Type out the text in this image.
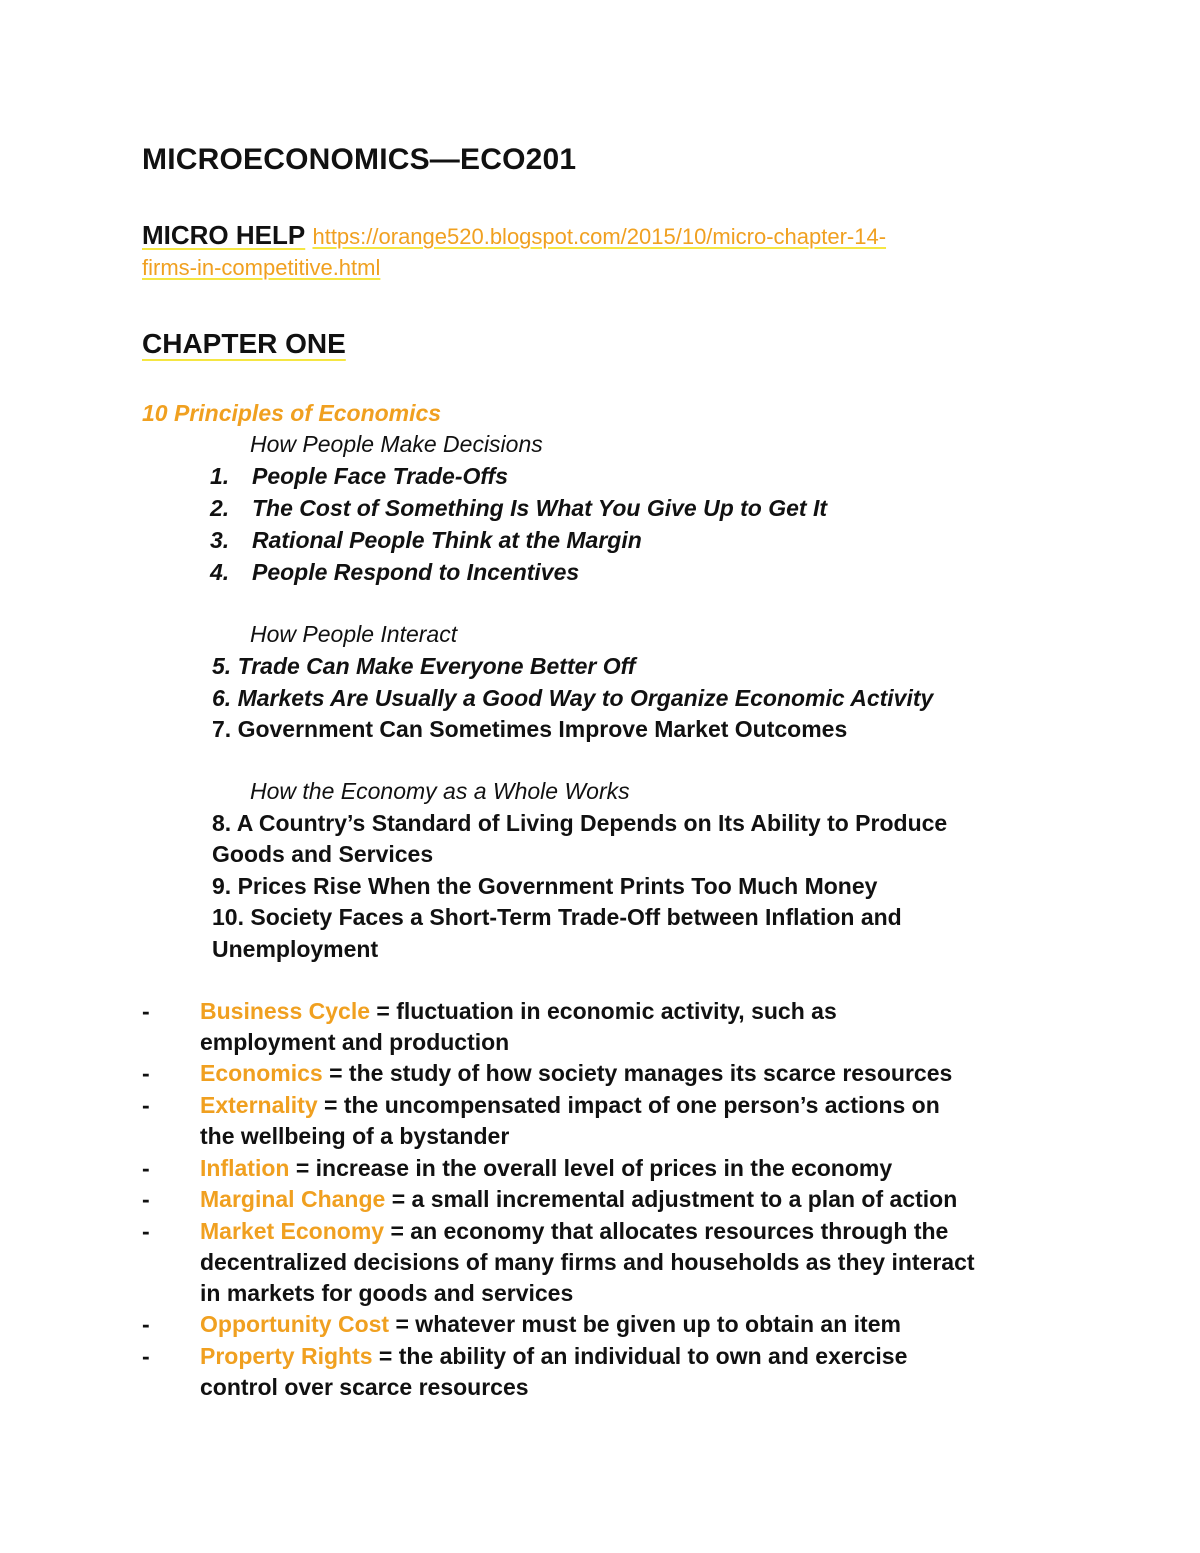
MICROECONOMICS—ECO201
MICRO HELP https://orange520.blogspot.com/2015/10/micro-chapter-14-
firms-in-competitive.html
CHAPTER ONE
10 Principles of Economics
How People Make Decisions
1. People Face Trade-Offs
2. The Cost of Something Is What You Give Up to Get It
3. Rational People Think at the Margin
4. People Respond to Incentives
How People Interact
5. Trade Can Make Everyone Better Off
6. Markets Are Usually a Good Way to Organize Economic Activity
7. Government Can Sometimes Improve Market Outcomes
How the Economy as a Whole Works
8. A Country’s Standard of Living Depends on Its Ability to Produce
Goods and Services
9. Prices Rise When the Government Prints Too Much Money
10. Society Faces a Short-Term Trade-Off between Inflation and
Unemployment
- Business Cycle = fluctuation in economic activity, such as
employment and production
- Economics = the study of how society manages its scarce resources
- Externality = the uncompensated impact of one person’s actions on
the wellbeing of a bystander
- Inflation = increase in the overall level of prices in the economy
- Marginal Change = a small incremental adjustment to a plan of action
- Market Economy = an economy that allocates resources through the
decentralized decisions of many firms and households as they interact
in markets for goods and services
- Opportunity Cost = whatever must be given up to obtain an item
- Property Rights = the ability of an individual to own and exercise
control over scarce resources
